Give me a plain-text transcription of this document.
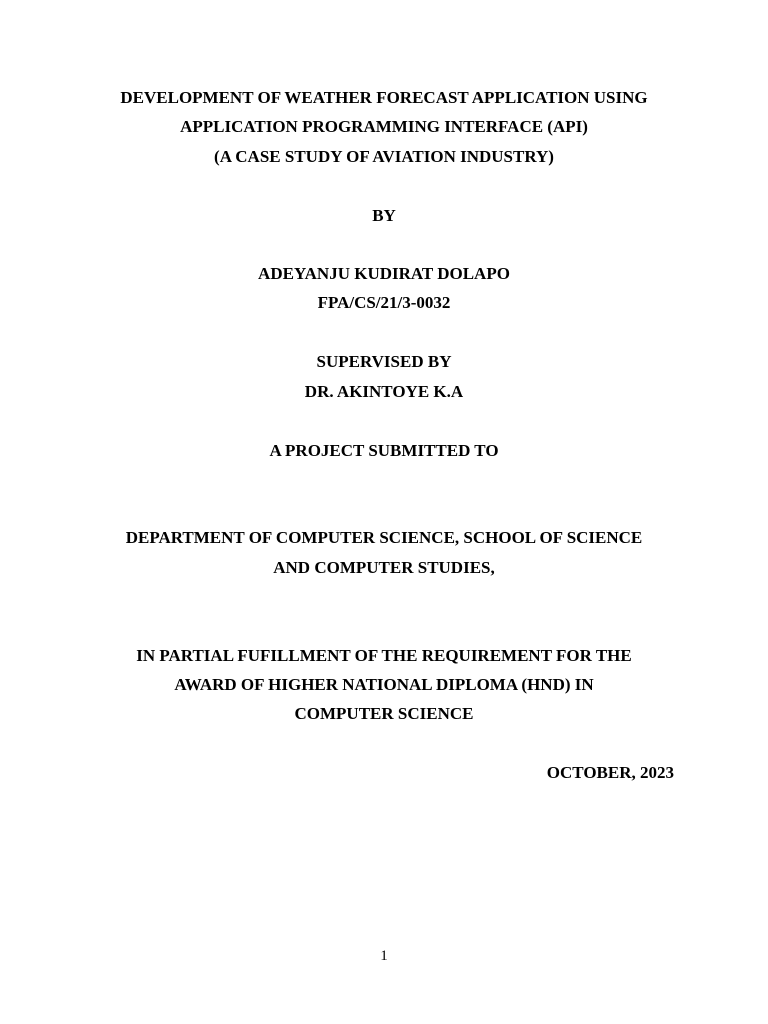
DEVELOPMENT OF WEATHER FORECAST APPLICATION USING
APPLICATION PROGRAMMING INTERFACE (API)
(A CASE STUDY OF AVIATION INDUSTRY)
BY
ADEYANJU KUDIRAT DOLAPO
FPA/CS/21/3-0032
SUPERVISED BY
DR. AKINTOYE K.A
A PROJECT SUBMITTED TO
DEPARTMENT OF COMPUTER SCIENCE, SCHOOL OF SCIENCE
AND COMPUTER STUDIES,
IN PARTIAL FUFILLMENT OF THE REQUIREMENT FOR THE
AWARD OF HIGHER NATIONAL DIPLOMA (HND) IN
COMPUTER SCIENCE
OCTOBER, 2023
1
